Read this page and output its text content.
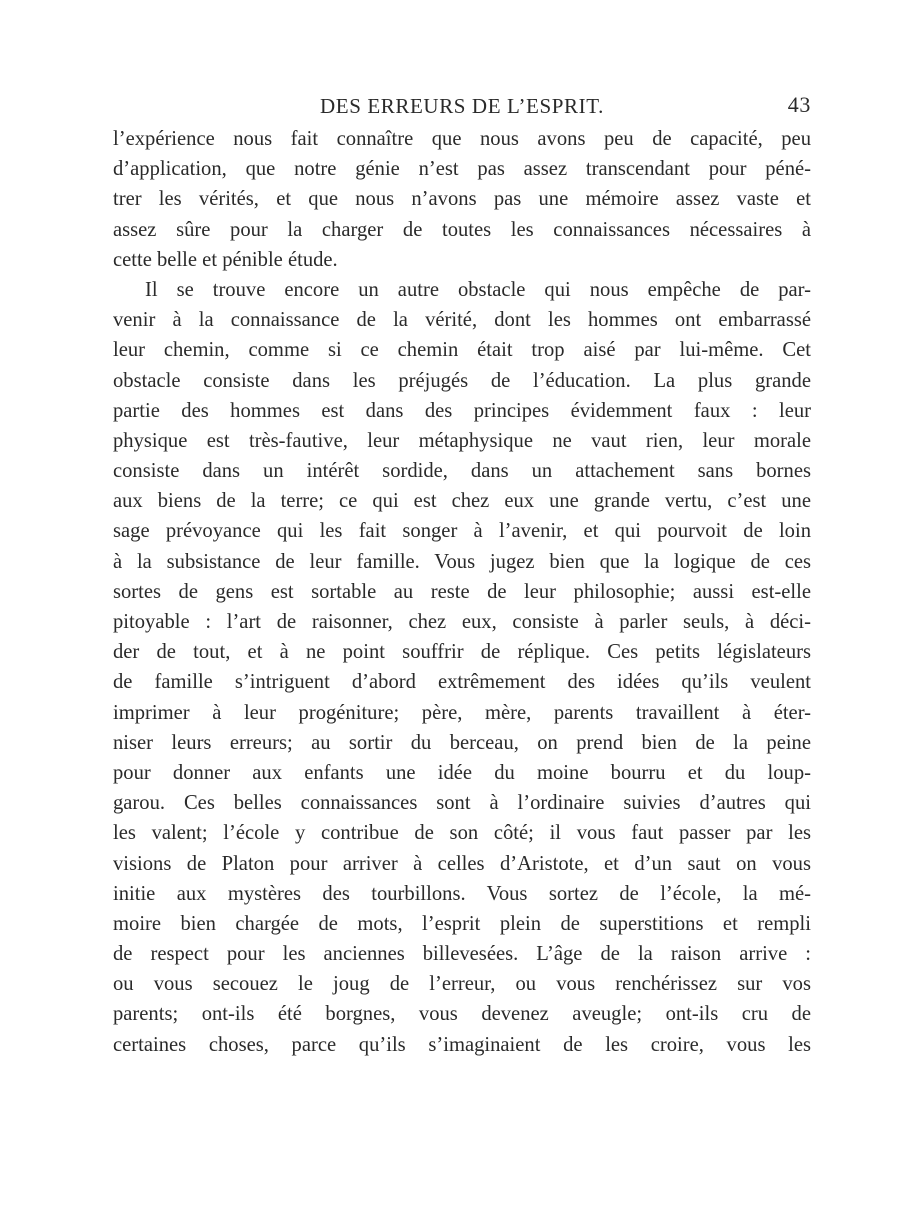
DES ERREURS DE L’ESPRIT.	43
l’expérience nous fait connaître que nous avons peu de capacité, peu
d’application, que notre génie n’est pas assez transcendant pour péné-
trer les vérités, et que nous n’avons pas une mémoire assez vaste et
assez sûre pour la charger de toutes les connaissances nécessaires à
cette belle et pénible étude.
Il se trouve encore un autre obstacle qui nous empêche de par-
venir à la connaissance de la vérité, dont les hommes ont embarrassé
leur chemin, comme si ce chemin était trop aisé par lui-même. Cet
obstacle consiste dans les préjugés de l’éducation. La plus grande
partie des hommes est dans des principes évidemment faux : leur
physique est très-fautive, leur métaphysique ne vaut rien, leur morale
consiste dans un intérêt sordide, dans un attachement sans bornes
aux biens de la terre; ce qui est chez eux une grande vertu, c’est une
sage prévoyance qui les fait songer à l’avenir, et qui pourvoit de loin
à la subsistance de leur famille. Vous jugez bien que la logique de ces
sortes de gens est sortable au reste de leur philosophie; aussi est-elle
pitoyable : l’art de raisonner, chez eux, consiste à parler seuls, à déci-
der de tout, et à ne point souffrir de réplique. Ces petits législateurs
de famille s’intriguent d’abord extrêmement des idées qu’ils veulent
imprimer à leur progéniture; père, mère, parents travaillent à éter-
niser leurs erreurs; au sortir du berceau, on prend bien de la peine
pour donner aux enfants une idée du moine bourru et du loup-
garou. Ces belles connaissances sont à l’ordinaire suivies d’autres qui
les valent; l’école y contribue de son côté; il vous faut passer par les
visions de Platon pour arriver à celles d’Aristote, et d’un saut on vous
initie aux mystères des tourbillons. Vous sortez de l’école, la mé-
moire bien chargée de mots, l’esprit plein de superstitions et rempli
de respect pour les anciennes billevesées. L’âge de la raison arrive :
ou vous secouez le joug de l’erreur, ou vous renchérissez sur vos
parents; ont-ils été borgnes, vous devenez aveugle; ont-ils cru de
certaines choses, parce qu’ils s’imaginaient de les croire, vous les
